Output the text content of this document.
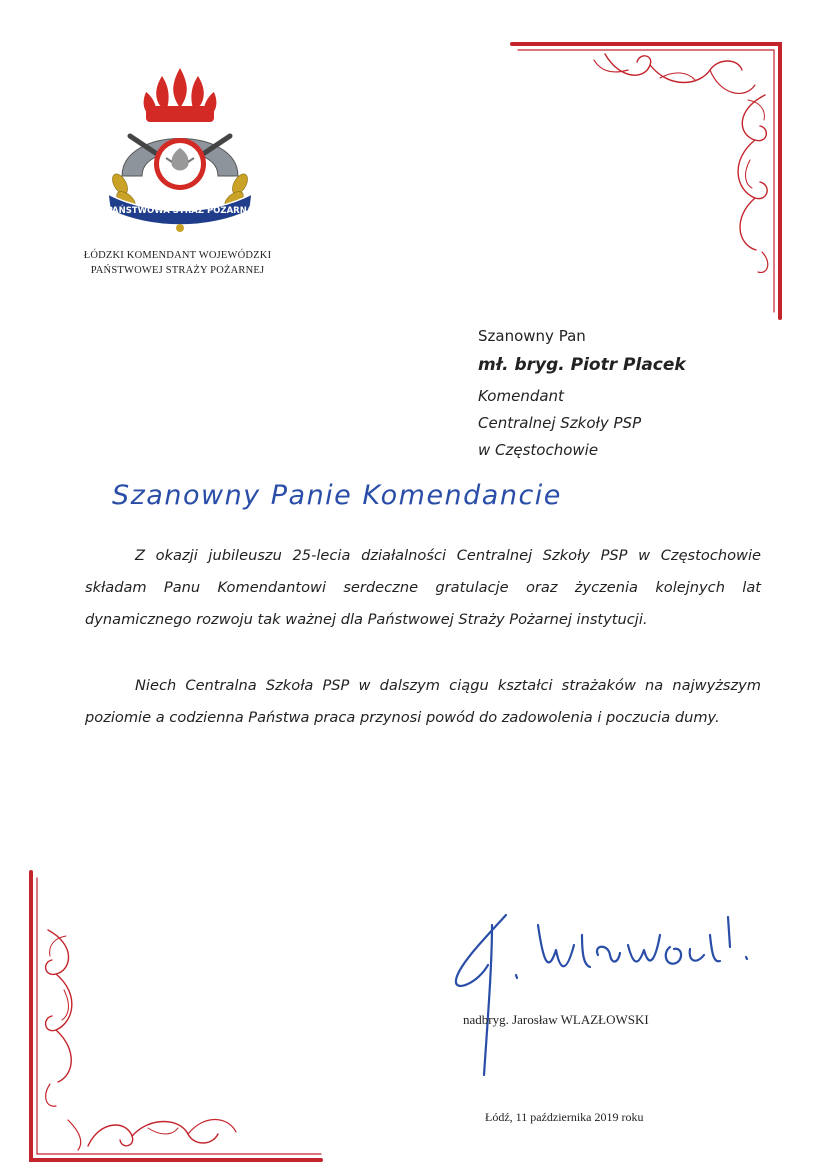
PAŃSTWOWA STRAŻ POŻARNA
ŁÓDZKI KOMENDANT WOJEWÓDZKI
PAŃSTWOWEJ STRAŻY POŻARNEJ
Szanowny Pan
mł. bryg. Piotr Placek
Komendant
Centralnej Szkoły PSP
w Częstochowie
Szanowny Panie Komendancie
Z okazji jubileuszu 25-lecia działalności Centralnej Szkoły PSP w Częstochowie składam Panu Komendantowi serdeczne gratulacje oraz życzenia kolejnych lat dynamicznego rozwoju tak ważnej dla Państwowej Straży Pożarnej instytucji.
Niech Centralna Szkoła PSP w dalszym ciągu kształci strażaków na najwyższym poziomie a codzienna Państwa praca przynosi powód do zadowolenia i poczucia dumy.
nadbryg. Jarosław WLAZŁOWSKI
Łódź, 11 października 2019 roku
